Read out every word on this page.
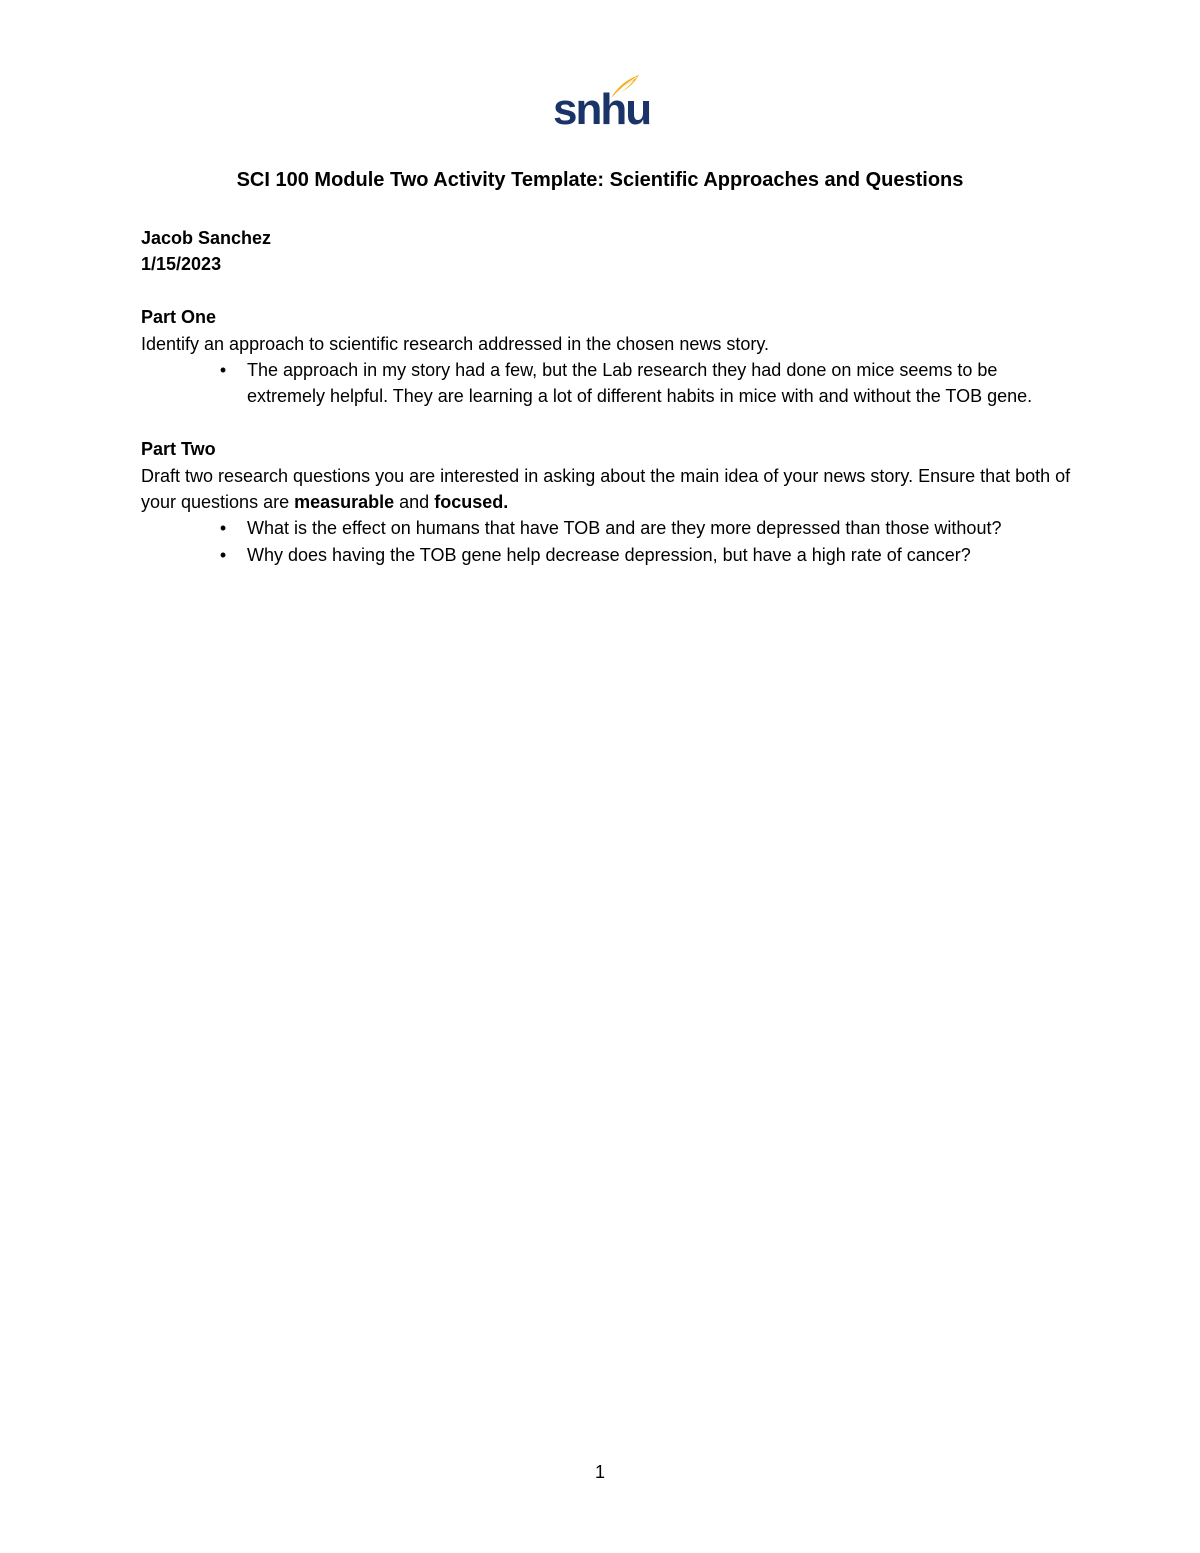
snhu
SCI 100 Module Two Activity Template: Scientific Approaches and Questions
Jacob Sanchez
1/15/2023
Part One
Identify an approach to scientific research addressed in the chosen news story.
•	The approach in my story had a few, but the Lab research they had done on mice seems to be extremely helpful. They are learning a lot of different habits in mice with and without the TOB gene.
Part Two
Draft two research questions you are interested in asking about the main idea of your news story. Ensure that both of your questions are measurable and focused.
•	What is the effect on humans that have TOB and are they more depressed than those without?
•	Why does having the TOB gene help decrease depression, but have a high rate of cancer?
1
